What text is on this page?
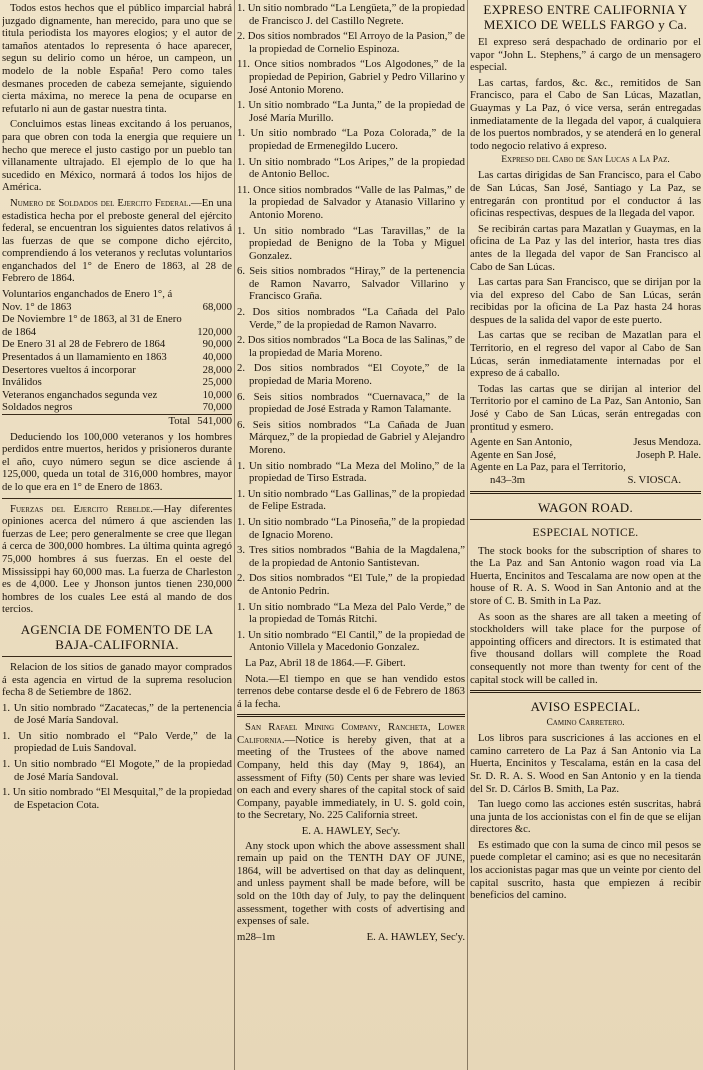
Todos estos hechos que el público imparcial habrá juzgado dignamente, han merecido, para uno que se titula periodista los mayores elogios; y el autor de tamaños atentados lo representa ó hace aparecer, segun su delirio como un héroe, un campeon, un modelo de la noble España! Pero como tales desmanes proceden de cabeza semejante, siguiendo cierta máxima, no merece la pena de ocuparse en refutarlo ni aun de gastar nuestra tinta.

Concluimos estas lineas excitando á los peruanos, para que obren con toda la energia que requiere un hecho que merece el justo castigo por un pueblo tan villanamente ultrajado. El ejemplo de lo que ha sucedido en México, normará á todos los hijos de América.

Numero de Soldados del Ejercito Federal.—En una estadistica hecha por el preboste general del ejército federal, se encuentran los siguientes datos relativos á las fuerzas de que se compone dicho ejército, comprendiendo á los veteranos y reclutas voluntarios enganchados del 1° de Enero de 1863, al 28 de Febrero de 1864.

Voluntarios enganchados de Enero 1°, á Nov. 1° de 1863	68,000
De Noviembre 1° de 1863, al 31 de Enero de 1864	120,000
De Enero 31 al 28 de Febrero de 1864	90,000
Presentados á un llamamiento en 1863	40,000
Desertores vueltos á incorporar	28,000
Inválidos	25,000
Veteranos enganchados segunda vez	10,000
Soldados negros	70,000
Total	541,000

Deduciendo los 100,000 veteranos y los hombres perdidos entre muertos, heridos y prisioneros durante el año, cuyo número segun se dice asciende á 125,000, queda un total de 316,000 hombres, mayor de lo que era en 1° de Enero de 1863.

Fuerzas del Ejercito Rebelde.—Hay diferentes opiniones acerca del número á que ascienden las fuerzas de Lee; pero generalmente se cree que llegan á cerca de 300,000 hombres. La última quinta agregó 75,000 hombres á sus fuerzas. En el oeste del Mississippi hay 60,000 mas. La fuerza de Charleston es de 4,000. Lee y Jhonson juntos tienen 230,000 hombres de los cuales Lee está al mando de dos tercios.

AGENCIA DE FOMENTO DE LA BAJA-CALIFORNIA.

Relacion de los sitios de ganado mayor comprados á esta agencia en virtud de la suprema resolucion fecha 8 de Setiembre de 1862.

1. Un sitio nombrado “Zacatecas,” de la pertenencia de José María Sandoval.

1. Un sitio nombrado el “Palo Verde,” de la propiedad de Luis Sandoval.

1. Un sitio nombrado “El Mogote,” de la propiedad de José María Sandoval.

1. Un sitio nombrado “El Mesquital,” de la propiedad de Espetacion Cota.

1. Un sitio nombrado “La Lengüeta,” de la propiedad de Francisco J. del Castillo Negrete.

2. Dos sitios nombrados “El Arroyo de la Pasion,” de la propiedad de Cornelio Espinoza.

11. Once sitios nombrados “Los Algodones,” de la propiedad de Pepirion, Gabriel y Pedro Villarino y José Antonio Moreno.

1. Un sitio nombrado “La Junta,” de la propiedad de José María Murillo.

1. Un sitio nombrado “La Poza Colorada,” de la propiedad de Ermenegildo Lucero.

1. Un sitio nombrado “Los Aripes,” de la propiedad de Antonio Belloc.

11. Once sitios nombrados “Valle de las Palmas,” de la propiedad de Salvador y Atanasio Villarino y Antonio Moreno.

1. Un sitio nombrado “Las Taravillas,” de la propiedad de Benigno de la Toba y Miguel Gonzalez.

6. Seis sitios nombrados “Hiray,” de la pertenencia de Ramon Navarro, Salvador Villarino y Francisco Graña.

2. Dos sitios nombrados “La Cañada del Palo Verde,” de la propiedad de Ramon Navarro.

2. Dos sitios nombrados “La Boca de las Salinas,” de la propiedad de Maria Moreno.

2. Dos sitios nombrados “El Coyote,” de la propiedad de Maria Moreno.

6. Seis sitios nombrados “Cuernavaca,” de la propiedad de José Estrada y Ramon Talamante.

6. Seis sitios nombrados “La Cañada de Juan Márquez,” de la propiedad de Gabriel y Alejandro Moreno.

1. Un sitio nombrado “La Meza del Molino,” de la propiedad de Tirso Estrada.

1. Un sitio nombrado “Las Gallinas,” de la propiedad de Felipe Estrada.

1. Un sitio nombrado “La Pinoseña,” de la propiedad de Ignacio Moreno.

3. Tres sitios nombrados “Bahia de la Magdalena,” de la propiedad de Antonio Santistevan.

2. Dos sitios nombrados “El Tule,” de la propiedad de Antonio Pedrin.

1. Un sitio nombrado “La Meza del Palo Verde,” de la propiedad de Tomás Ritchi.

1. Un sitio nombrado “El Cantil,” de la propiedad de Antonio Villela y Macedonio Gonzalez.

La Paz, Abril 18 de 1864.—F. Gibert.

Nota.—El tiempo en que se han vendido estos terrenos debe contarse desde el 6 de Febrero de 1863 á la fecha.

San Rafael Mining Company, Rancheta, Lower California.—Notice is hereby given, that at a meeting of the Trustees of the above named Company, held this day (May 9, 1864), an assessment of Fifty (50) Cents per share was levied on each and every shares of the capital stock of said Company, payable immediately, in U. S. gold coin, to the Secretary, No. 225 California street.

E. A. HAWLEY, Sec'y.

Any stock upon which the above assessment shall remain up paid on the TENTH DAY OF JUNE, 1864, will be advertised on that day as delinquent, and unless payment shall be made before, will be sold on the 10th day of July, to pay the delinquent assessment, together with costs of advertising and expenses of sale.

m28–1m	E. A. HAWLEY, Sec'y.
EXPRESO ENTRE CALIFORNIA Y MEXICO DE WELLS FARGO y Ca.

El expreso será despachado de ordinario por el vapor “John L. Stephens,” á cargo de un mensagero especial.

Las cartas, fardos, &c. &c., remitidos de San Francisco, para el Cabo de San Lúcas, Mazatlan, Guaymas y La Paz, ó vice versa, serán entregadas inmediatamente de la llegada del vapor, á cualquiera de los puertos nombrados, y se atenderá en lo general todo negocio relativo á expreso.

Expreso del Cabo de San Lucas a La Paz.

Las cartas dirigidas de San Francisco, para el Cabo de San Lúcas, San José, Santiago y La Paz, se entregarán con prontitud por el conductor á las oficinas respectivas, despues de la llegada del vapor.

Se recibirán cartas para Mazatlan y Guaymas, en la oficina de La Paz y las del interior, hasta tres dias antes de la llegada del vapor de San Francisco al Cabo de San Lúcas.

Las cartas para San Francisco, que se dirijan por la via del expreso del Cabo de San Lúcas, serán recibidas por la oficina de La Paz hasta 24 horas despues de la salida del vapor de este puerto.

Las cartas que se reciban de Mazatlan para el Territorio, en el regreso del vapor al Cabo de San Lúcas, serán inmediatamente internadas por el expreso de á caballo.

Todas las cartas que se dirijan al interior del Territorio por el camino de La Paz, San Antonio, San José y Cabo de San Lúcas, serán entregadas con prontitud y esmero.

Agente en San Antonio,	Jesus Mendoza.
Agente en San José,	Joseph P. Hale.
Agente en La Paz, para el Territorio,
n43–3m	S. VIOSCA.
WAGON ROAD.
ESPECIAL NOTICE.

The stock books for the subscription of shares to the La Paz and San Antonio wagon road via La Huerta, Encinitos and Tescalama are now open at the house of R. A. S. Wood in San Antonio and at the store of C. B. Smith in La Paz.

As soon as the shares are all taken a meeting of stockholders will take place for the purpose of appointing officers and directors. It is estimated that five thousand dollars will complete the Road consequently not more than twenty for cent of the capital stock will be called in.

AVISO ESPECIAL.
Camino Carretero.

Los libros para suscriciones á las acciones en el camino carretero de La Paz á San Antonio via La Huerta, Encinitos y Tescalama, están en la casa del Sr. D. R. A. S. Wood en San Antonio y en la tienda del Sr. D. Cárlos B. Smith, La Paz.

Tan luego como las acciones estén suscritas, habrá una junta de los accionistas con el fin de que se elijan directores &c.

Es estimado que con la suma de cinco mil pesos se puede completar el camino; asi es que no necesitarán los accionistas pagar mas que un veinte por ciento del capital suscrito, hasta que empiezen á recibir beneficios del camino.
